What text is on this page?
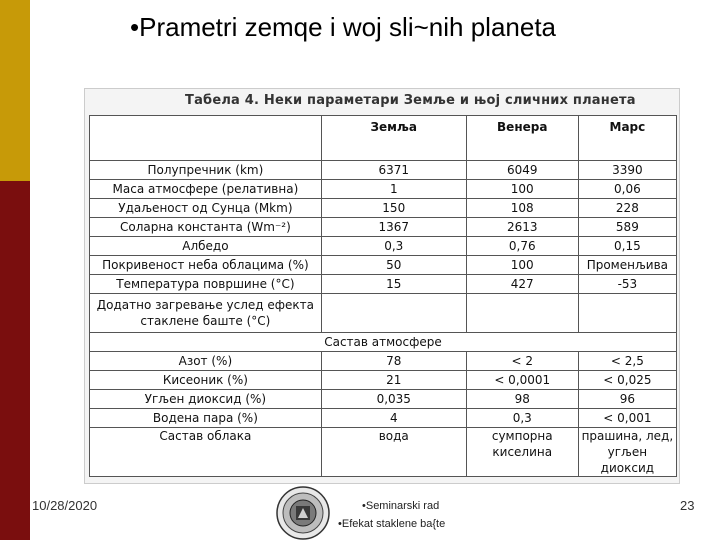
•Prametri zemqe i woj sli~nih planeta
Табела 4. Неки параметари Земље и њој сличних планета
	Земља	Венера	Марс
Полупречник (km)	6371	6049	3390
Маса атмосфере (релативна)	1	100	0,06
Удаљеност од Сунца (Mkm)	150	108	228
Соларна константа (Wm⁻²)	1367	2613	589
Албедо	0,3	0,76	0,15
Покривеност неба облацима (%)	50	100	Променљива
Температура површине (°C)	15	427	-53
Додатно загревање услед ефекта стаклене баште (°C)			
Састав атмосфере			
Азот (%)	78	< 2	< 2,5
Кисеоник (%)	21	< 0,0001	< 0,025
Угљен диоксид (%)	0,035	98	96
Водена пара (%)	4	0,3	< 0,001
Састав облака	вода	сумпорна киселина	прашина, лед, угљен диоксид
10/28/2020	•Seminarski rad
•Efekat staklene ba{te
23
